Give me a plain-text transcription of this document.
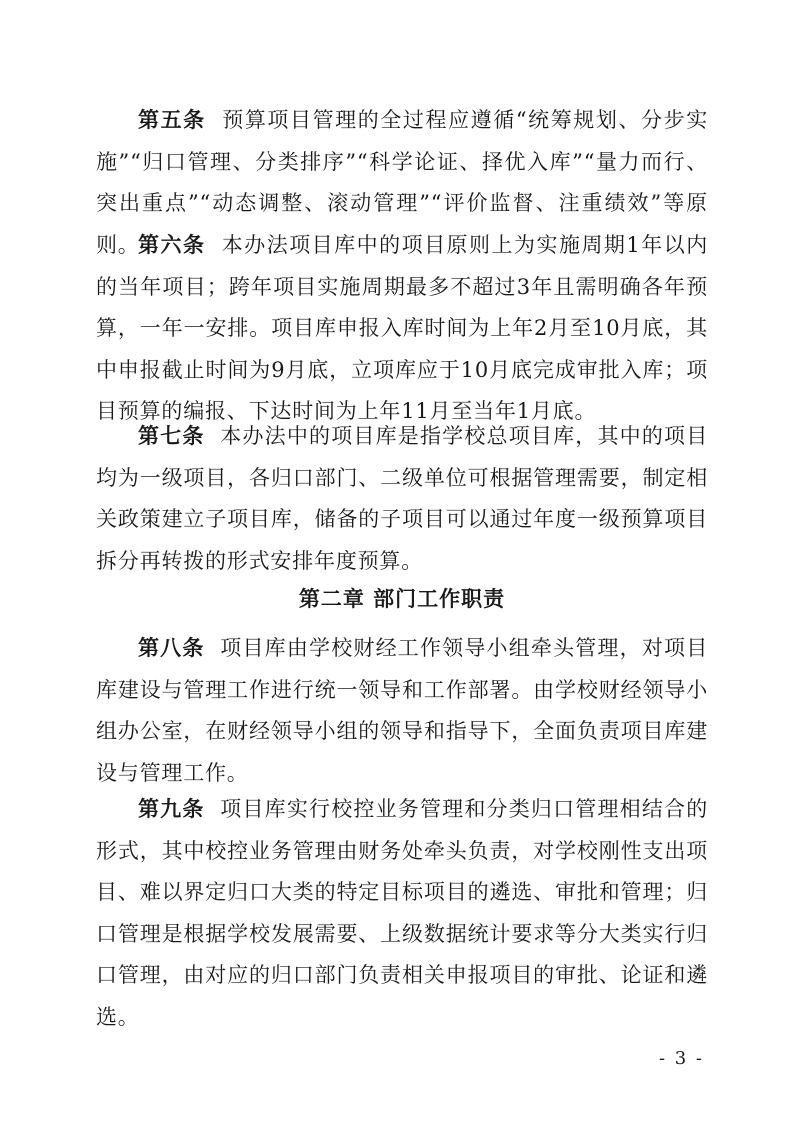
第五条 预算项目管理的全过程应遵循“统筹规划、分步实施”“归口管理、分类排序”“科学论证、择优入库”“量力而行、突出重点”“动态调整、滚动管理”“评价监督、注重绩效”等原则。

第六条 本办法项目库中的项目原则上为实施周期1年以内的当年项目；跨年项目实施周期最多不超过3年且需明确各年预算，一年一安排。项目库申报入库时间为上年2月至10月底，其中申报截止时间为9月底，立项库应于10月底完成审批入库；项目预算的编报、下达时间为上年11月至当年1月底。

第七条 本办法中的项目库是指学校总项目库，其中的项目均为一级项目，各归口部门、二级单位可根据管理需要，制定相关政策建立子项目库，储备的子项目可以通过年度一级预算项目拆分再转拨的形式安排年度预算。

第二章 部门工作职责

第八条 项目库由学校财经工作领导小组牵头管理，对项目库建设与管理工作进行统一领导和工作部署。由学校财经领导小组办公室，在财经领导小组的领导和指导下，全面负责项目库建设与管理工作。

第九条 项目库实行校控业务管理和分类归口管理相结合的形式，其中校控业务管理由财务处牵头负责，对学校刚性支出项目、难以界定归口大类的特定目标项目的遴选、审批和管理；归口管理是根据学校发展需要、上级数据统计要求等分大类实行归口管理，由对应的归口部门负责相关申报项目的审批、论证和遴选。

- 3 -
